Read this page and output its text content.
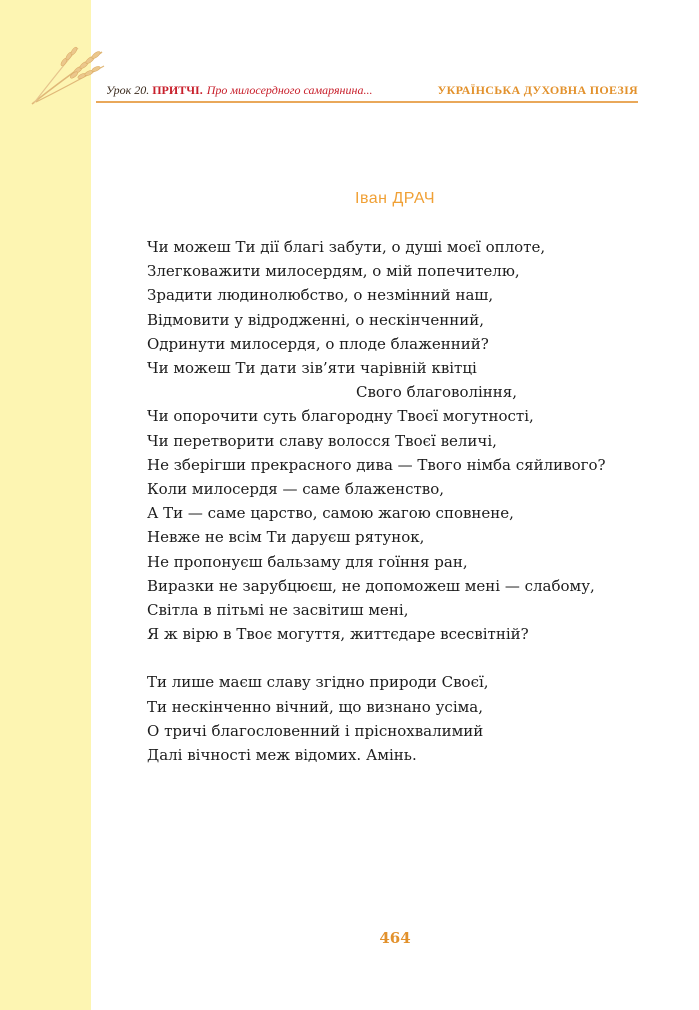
Урок 20. ПРИТЧІ. Про милосердного самарянина...	УКРАЇНСЬКА ДУХОВНА ПОЕЗІЯ
Іван ДРАЧ
Чи можеш Ти дії благі забути, о душі моєї оплоте,
Злегковажити милосердям, о мій попечителю,
Зрадити людинолюбство, о незмінний наш,
Відмовити у відродженні, о нескінченний,
Одринути милосердя, о плоде блаженний?
Чи можеш Ти дати зів’яти чарівній квітці
Свого благовоління,
Чи опорочити суть благородну Твоєї могутності,
Чи перетворити славу волосся Твоєї величі,
Не зберігши прекрасного дива — Твого німба сяйливого?
Коли милосердя — саме блаженство,
А Ти — саме царство, самою жагою сповнене,
Невже не всім Ти даруєш рятунок,
Не пропонуєш бальзаму для гоїння ран,
Виразки не зарубцюєш, не допоможеш мені — слабому,
Світла в пітьмі не засвітиш мені,
Я ж вірю в Твоє могуття, життєдаре всесвітній?
Ти лише маєш славу згідно природи Своєї,
Ти нескінченно вічний, що визнано усіма,
О тричі благословенний і пріснохвалимий
Далі вічності меж відомих. Амінь.
464
